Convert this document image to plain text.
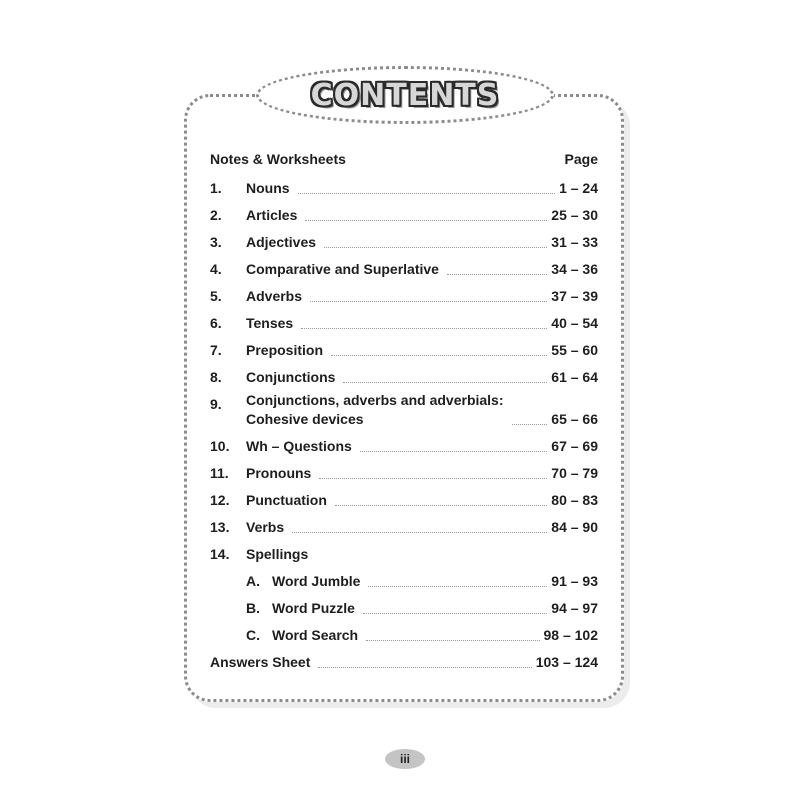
CONTENTS
Notes & Worksheets	Page
1.	Nouns	1 – 24
2.	Articles	25 – 30
3.	Adjectives	31 – 33
4.	Comparative and Superlative	34 – 36
5.	Adverbs	37 – 39
6.	Tenses	40 – 54
7.	Preposition	55 – 60
8.	Conjunctions	61 – 64
9.	Conjunctions, adverbs and adverbials:
Cohesive devices	65 – 66
10.	Wh – Questions	67 – 69
11.	Pronouns	70 – 79
12.	Punctuation	80 – 83
13.	Verbs	84 – 90
14.	Spellings
A. Word Jumble	91 – 93
B. Word Puzzle	94 – 97
C. Word Search	98 – 102
Answers Sheet	103 – 124
iii
